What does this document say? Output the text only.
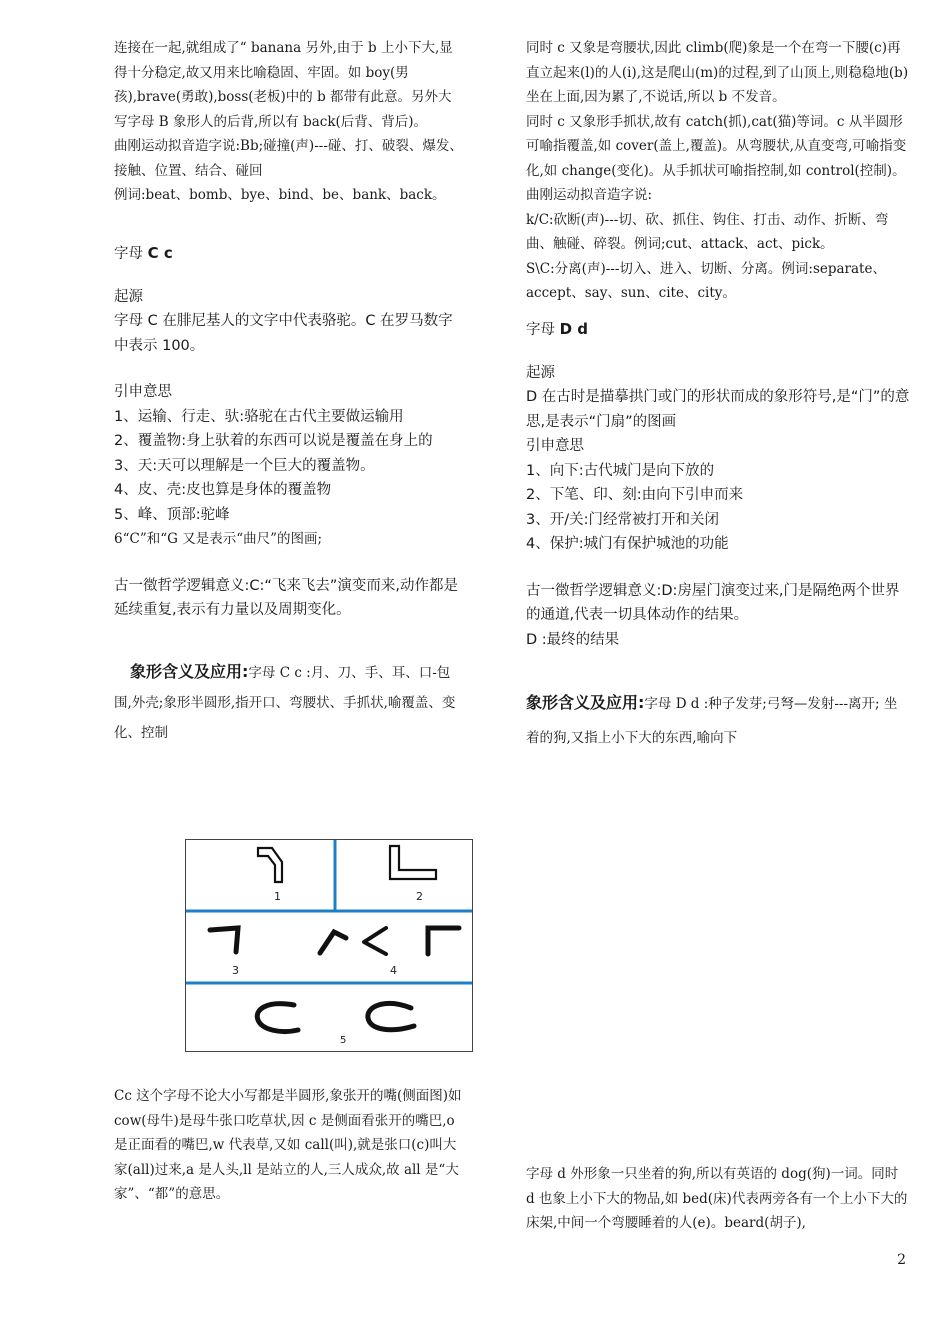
连接在一起,就组成了“ banana 另外,由于 b 上小下大,显得十分稳定,故又用来比喻稳固、牢固。如 boy(男孩),brave(勇敢),boss(老板)中的 b 都带有此意。另外大写字母 B 象形人的后背,所以有 back(后背、背后)。

曲刚运动拟音造字说:Bb;碰撞(声)---碰、打、破裂、爆发、接触、位置、结合、碰回

例词:beat、bomb、bye、bind、be、bank、back。

字母 C c

起源

字母 C 在腓尼基人的文字中代表骆驼。C 在罗马数字中表示 100。

引申意思

1、运输、行走、驮:骆驼在古代主要做运输用

2、覆盖物:身上驮着的东西可以说是覆盖在身上的

3、天:天可以理解是一个巨大的覆盖物。

4、皮、壳:皮也算是身体的覆盖物

5、峰、顶部:驼峰

6“C”和“G 又是表示“曲尺”的图画;

古一徵哲学逻辑意义:C:“飞来飞去”演变而来,动作都是延续重复,表示有力量以及周期变化。

象形含义及应用:字母 C c :月、刀、手、耳、口-包围,外壳;象形半圆形,指开口、弯腰状、手抓状,喻覆盖、变化、控制

1	2
3	4
5

Cc 这个字母不论大小写都是半圆形,象张开的嘴(侧面图)如 cow(母牛)是母牛张口吃草状,因 c 是侧面看张开的嘴巴,o 是正面看的嘴巴,w 代表草,又如 call(叫),就是张口(c)叫大家(all)过来,a 是人头,ll 是站立的人,三人成众,故 all 是“大家”、“都”的意思。

同时 c 又象是弯腰状,因此 climb(爬)象是一个在弯一下腰(c)再直立起来(l)的人(i),这是爬山(m)的过程,到了山顶上,则稳稳地(b)坐在上面,因为累了,不说话,所以 b 不发音。

同时 c 又象形手抓状,故有 catch(抓),cat(猫)等词。c 从半圆形可喻指覆盖,如 cover(盖上,覆盖)。从弯腰状,从直变弯,可喻指变化,如 change(变化)。从手抓状可喻指控制,如 control(控制)。

曲刚运动拟音造字说:

k/C:砍断(声)---切、砍、抓住、钩住、打击、动作、折断、弯曲、触碰、碎裂。例词;cut、attack、act、pick。

S\C:分离(声)---切入、进入、切断、分离。例词:separate、accept、say、sun、cite、city。

字母 D d

起源

D 在古时是描摹拱门或门的形状而成的象形符号,是“门”的意思,是表示“门扇”的图画

引申意思

1、向下:古代城门是向下放的

2、下笔、印、刻:由向下引申而来

3、开/关:门经常被打开和关闭

4、保护:城门有保护城池的功能

古一徵哲学逻辑意义:D:房屋门演变过来,门是隔绝两个世界的通道,代表一切具体动作的结果。

D :最终的结果

象形含义及应用:字母 D d :种子发芽;弓弩—发射---离开; 坐着的狗,又指上小下大的东西,喻向下

字母 d 外形象一只坐着的狗,所以有英语的 dog(狗)一词。同时 d 也象上小下大的物品,如 bed(床)代表两旁各有一个上小下大的床架,中间一个弯腰睡着的人(e)。beard(胡子),

2
